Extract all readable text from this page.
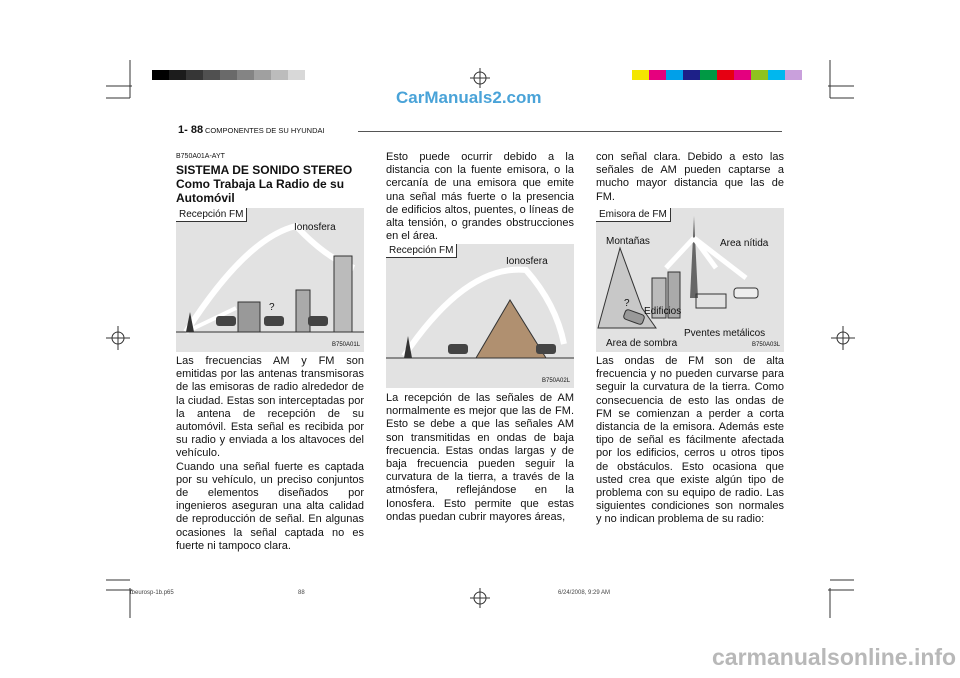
CarManuals2.com
1- 88 COMPONENTES DE SU HYUNDAI
B750A01A-AYT
SISTEMA DE SONIDO STEREO Como Trabaja La Radio de su Automóvil
Recepción FM
Ionosfera
?
B750A01L
Las frecuencias AM y FM son emitidas por las antenas transmisoras de las emisoras de radio alrededor de la ciudad. Estas son interceptadas por la antena de recepción de su automóvil. Esta señal es recibida por su radio y enviada a los altavoces del vehículo.
Cuando una señal fuerte es captada por su vehículo, un preciso conjuntos de elementos diseñados por ingenieros aseguran una alta calidad de reproducción de señal. En algunas ocasiones la señal captada no es fuerte ni tampoco clara.
Esto puede ocurrir debido a la distancia con la fuente emisora, o la cercanía de una emisora que emite una señal más fuerte o la presencia de edificios altos, puentes, o líneas de alta tensión, o grandes obstrucciones en el área.
Recepción FM
Ionosfera
B750A02L
La recepción de las señales de AM normalmente es mejor que las de FM. Esto se debe a que las señales AM son transmitidas en ondas de baja frecuencia. Estas ondas largas y de baja frecuencia pueden seguir la curvatura de la tierra, a través de la atmósfera, reflejándose en la Ionosfera. Esto permite que estas ondas puedan cubrir mayores áreas,
con señal clara. Debido a esto las señales de AM pueden captarse a mucho mayor distancia que las de FM.
Emisora de FM
Montañas	Area nítida
?
Edificios
Pventes metálicos
Area de sombra	B750A03L
Las ondas de FM son de alta frecuencia y no pueden curvarse para seguir la curvatura de la tierra. Como consecuencia de esto las ondas de FM se comienzan a perder a corta distancia de la emisora. Además este tipo de señal es fácilmente afectada por los edificios, cerros u otros tipos de obstáculos. Esto ocasiona que usted crea que existe algún tipo de problema con su equipo de radio. Las siguientes condiciones son normales y no indican problema de su radio:
tbeurosp-1b.p65	88	6/24/2008, 9:29 AM
carmanualsonline.info
